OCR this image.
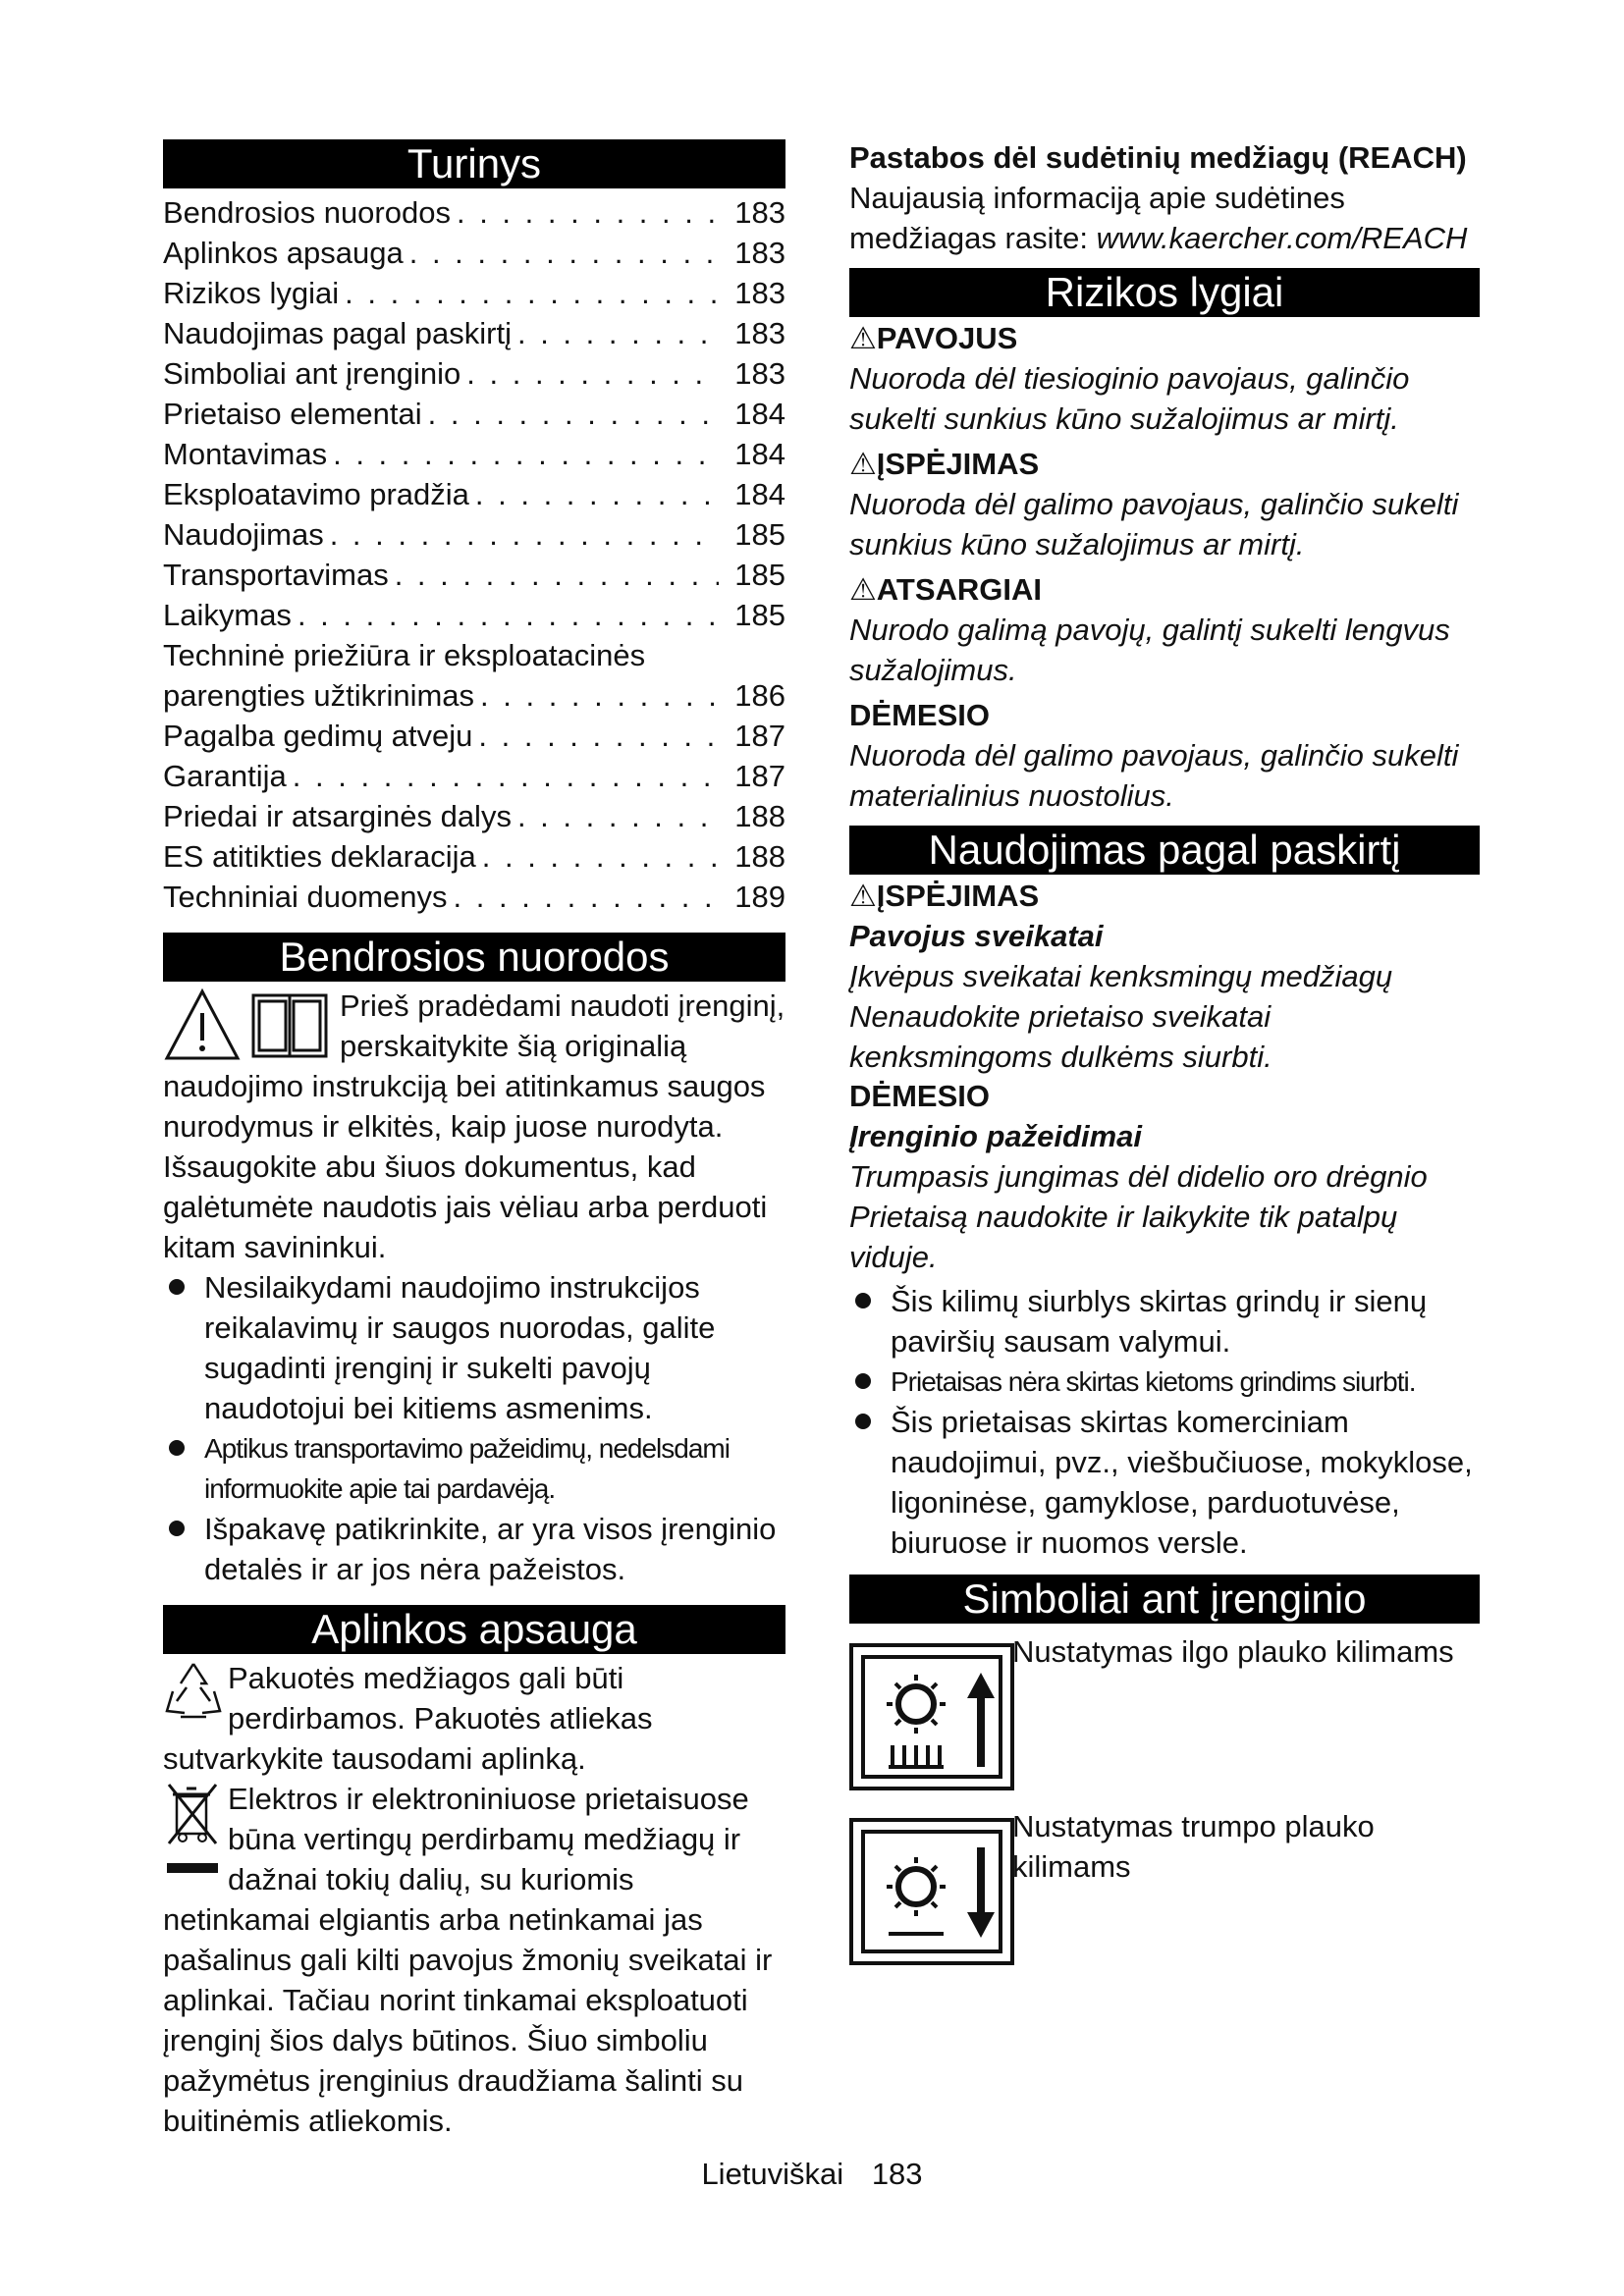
Turinys
Bendrosios nuorodos . . .	183
Aplinkos apsauga . . .	183
Rizikos lygiai . . .	183
Naudojimas pagal paskirtį . . .	183
Simboliai ant įrenginio . . .	183
Prietaiso elementai . . .	184
Montavimas . . .	184
Eksploatavimo pradžia . . .	184
Naudojimas . . .	185
Transportavimas . . .	185
Laikymas . . .	185
Techninė priežiūra ir eksploatacinės
parengties užtikrinimas . . .	186
Pagalba gedimų atveju . . .	187
Garantija . . .	187
Priedai ir atsarginės dalys . . .	188
ES atitikties deklaracija . . .	188
Techniniai duomenys . . .	189
Bendrosios nuorodos

Prieš pradėdami naudoti įrenginį, perskaitykite šią originalią naudojimo instrukciją bei atitinkamus saugos nurodymus ir elkitės, kaip juose nurodyta. Išsaugokite abu šiuos dokumentus, kad galėtumėte naudotis jais vėliau arba perduoti kitam savininkui.

Nesilaikydami naudojimo instrukcijos reikalavimų ir saugos nuorodas, galite sugadinti įrenginį ir sukelti pavojų naudotojui bei kitiems asmenims.
Aptikus transportavimo pažeidimų, nedelsdami informuokite apie tai pardavėją.
Išpakavę patikrinkite, ar yra visos įrenginio detalės ir ar jos nėra pažeistos.
Aplinkos apsauga

Pakuotės medžiagos gali būti perdirbamos. Pakuotės atliekas sutvarkykite tausodami aplinką.

Elektros ir elektroniniuose prietaisuose būna vertingų perdirbamų medžiagų ir dažnai tokių dalių, su kuriomis netinkamai elgiantis arba netinkamai jas pašalinus gali kilti pavojus žmonių sveikatai ir aplinkai. Tačiau norint tinkamai eksploatuoti įrenginį šios dalys būtinos. Šiuo simboliu pažymėtus įrenginius draudžiama šalinti su buitinėmis atliekomis.

Pastabos dėl sudėtinių medžiagų (REACH)
Naujausią informaciją apie sudėtines medžiagas rasite: www.kaercher.com/REACH
Rizikos lygiai
⚠PAVOJUS
Nuoroda dėl tiesioginio pavojaus, galinčio sukelti sunkius kūno sužalojimus ar mirtį.
⚠ĮSPĖJIMAS
Nuoroda dėl galimo pavojaus, galinčio sukelti sunkius kūno sužalojimus ar mirtį.
⚠ATSARGIAI
Nurodo galimą pavojų, galintį sukelti lengvus sužalojimus.
DĖMESIO
Nuoroda dėl galimo pavojaus, galinčio sukelti materialinius nuostolius.
Naudojimas pagal paskirtį
⚠ĮSPĖJIMAS
Pavojus sveikatai
Įkvėpus sveikatai kenksmingų medžiagų
Nenaudokite prietaiso sveikatai kenksmingoms dulkėms siurbti.
DĖMESIO
Įrenginio pažeidimai
Trumpasis jungimas dėl didelio oro drėgnio
Prietaisą naudokite ir laikykite tik patalpų viduje.
Šis kilimų siurblys skirtas grindų ir sienų paviršių sausam valymui.
Prietaisas nėra skirtas kietoms grindims siurbti.
Šis prietaisas skirtas komerciniam naudojimui, pvz., viešbučiuose, mokyklose, ligoninėse, gamyklose, parduotuvėse, biuruose ir nuomos versle.
Simboliai ant įrenginio
Nustatymas ilgo plauko kilimams
Nustatymas trumpo plauko kilimams
Lietuviškai 183
